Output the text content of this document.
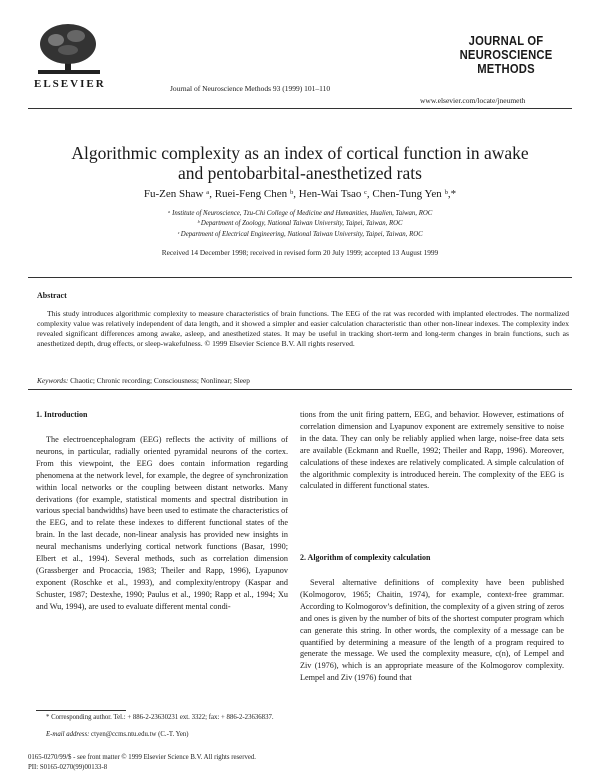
ELSEVIER	Journal of Neuroscience Methods 93 (1999) 101–110
JOURNAL OF
NEUROSCIENCE
METHODS
www.elsevier.com/locate/jneumeth
Algorithmic complexity as an index of cortical function in awake
and pentobarbital-anesthetized rats
Fu-Zen Shaw ᵃ, Ruei-Feng Chen ᵇ, Hen-Wai Tsao ᶜ, Chen-Tung Yen ᵇ,*
ᵃ Institute of Neuroscience, Tzu-Chi College of Medicine and Humanities, Hualien, Taiwan, ROC
ᵇ Department of Zoology, National Taiwan University, Taipei, Taiwan, ROC
ᶜ Department of Electrical Engineering, National Taiwan University, Taipei, Taiwan, ROC
Received 14 December 1998; received in revised form 20 July 1999; accepted 13 August 1999
Abstract
This study introduces algorithmic complexity to measure characteristics of brain functions. The EEG of the rat was recorded with implanted electrodes. The normalized complexity value was relatively independent of data length, and it showed a simpler and easier calculation characteristic than other non-linear indexes. The complexity index revealed significant differences among awake, asleep, and anesthetized states. It may be useful in tracking short-term and long-term changes in brain functions, such as anesthetized depth, drug effects, or sleep-wakefulness. © 1999 Elsevier Science B.V. All rights reserved.
Keywords: Chaotic; Chronic recording; Consciousness; Nonlinear; Sleep
1. Introduction
The electroencephalogram (EEG) reflects the activity of millions of neurons, in particular, radially oriented pyramidal neurons of the cortex. From this viewpoint, the EEG does contain information regarding phenomena at the network level, for example, the degree of synchronization within local networks or the coupling between distant networks. Many derivations (for example, statistical moments and spectral distribution in various special bandwidths) have been used to estimate the characteristics of the EEG, and to relate these indexes to different functional states of the brain. In the last decade, non-linear analysis has provided new insights in neural mechanisms underlying cortical network functions (Basar, 1990; Elbert et al., 1994). Several methods, such as correlation dimension (Grassberger and Procaccia, 1983; Theiler and Rapp, 1996), Lyapunov exponent (Roschke et al., 1993), and complexity/entropy (Kaspar and Schuster, 1987; Destexhe, 1990; Paulus et al., 1990; Rapp et al., 1994; Xu and Wu, 1994), are used to evaluate different mental condi-
tions from the unit firing pattern, EEG, and behavior. However, estimations of correlation dimension and Lyapunov exponent are extremely sensitive to noise in the data. They can only be reliably applied when large, noise-free data sets are available (Eckmann and Ruelle, 1992; Theiler and Rapp, 1996). Moreover, calculations of these indexes are relatively complicated. A simple calculation of the algorithmic complexity is introduced herein. The complexity of the EEG is calculated in different functional states.
2. Algorithm of complexity calculation
Several alternative definitions of complexity have been published (Kolmogorov, 1965; Chaitin, 1974), for example, context-free grammar. According to Kolmogorov’s definition, the complexity of a given string of zeros and ones is given by the number of bits of the shortest computer program which can generate this string. In other words, the complexity of a message can be quantified by determining a measure of the length of a program required to generate the message. We used the complexity measure, c(n), of Lempel and Ziv (1976), which is an appropriate measure of the Kolmogorov complexity. Lempel and Ziv (1976) found that
* Corresponding author. Tel.: + 886-2-23630231 ext. 3322; fax: + 886-2-23636837.
E-mail address: ctyen@ccms.ntu.edu.tw (C.-T. Yen)
0165-0270/99/$ - see front matter © 1999 Elsevier Science B.V. All rights reserved.
PII: S0165-0270(99)00133-8
